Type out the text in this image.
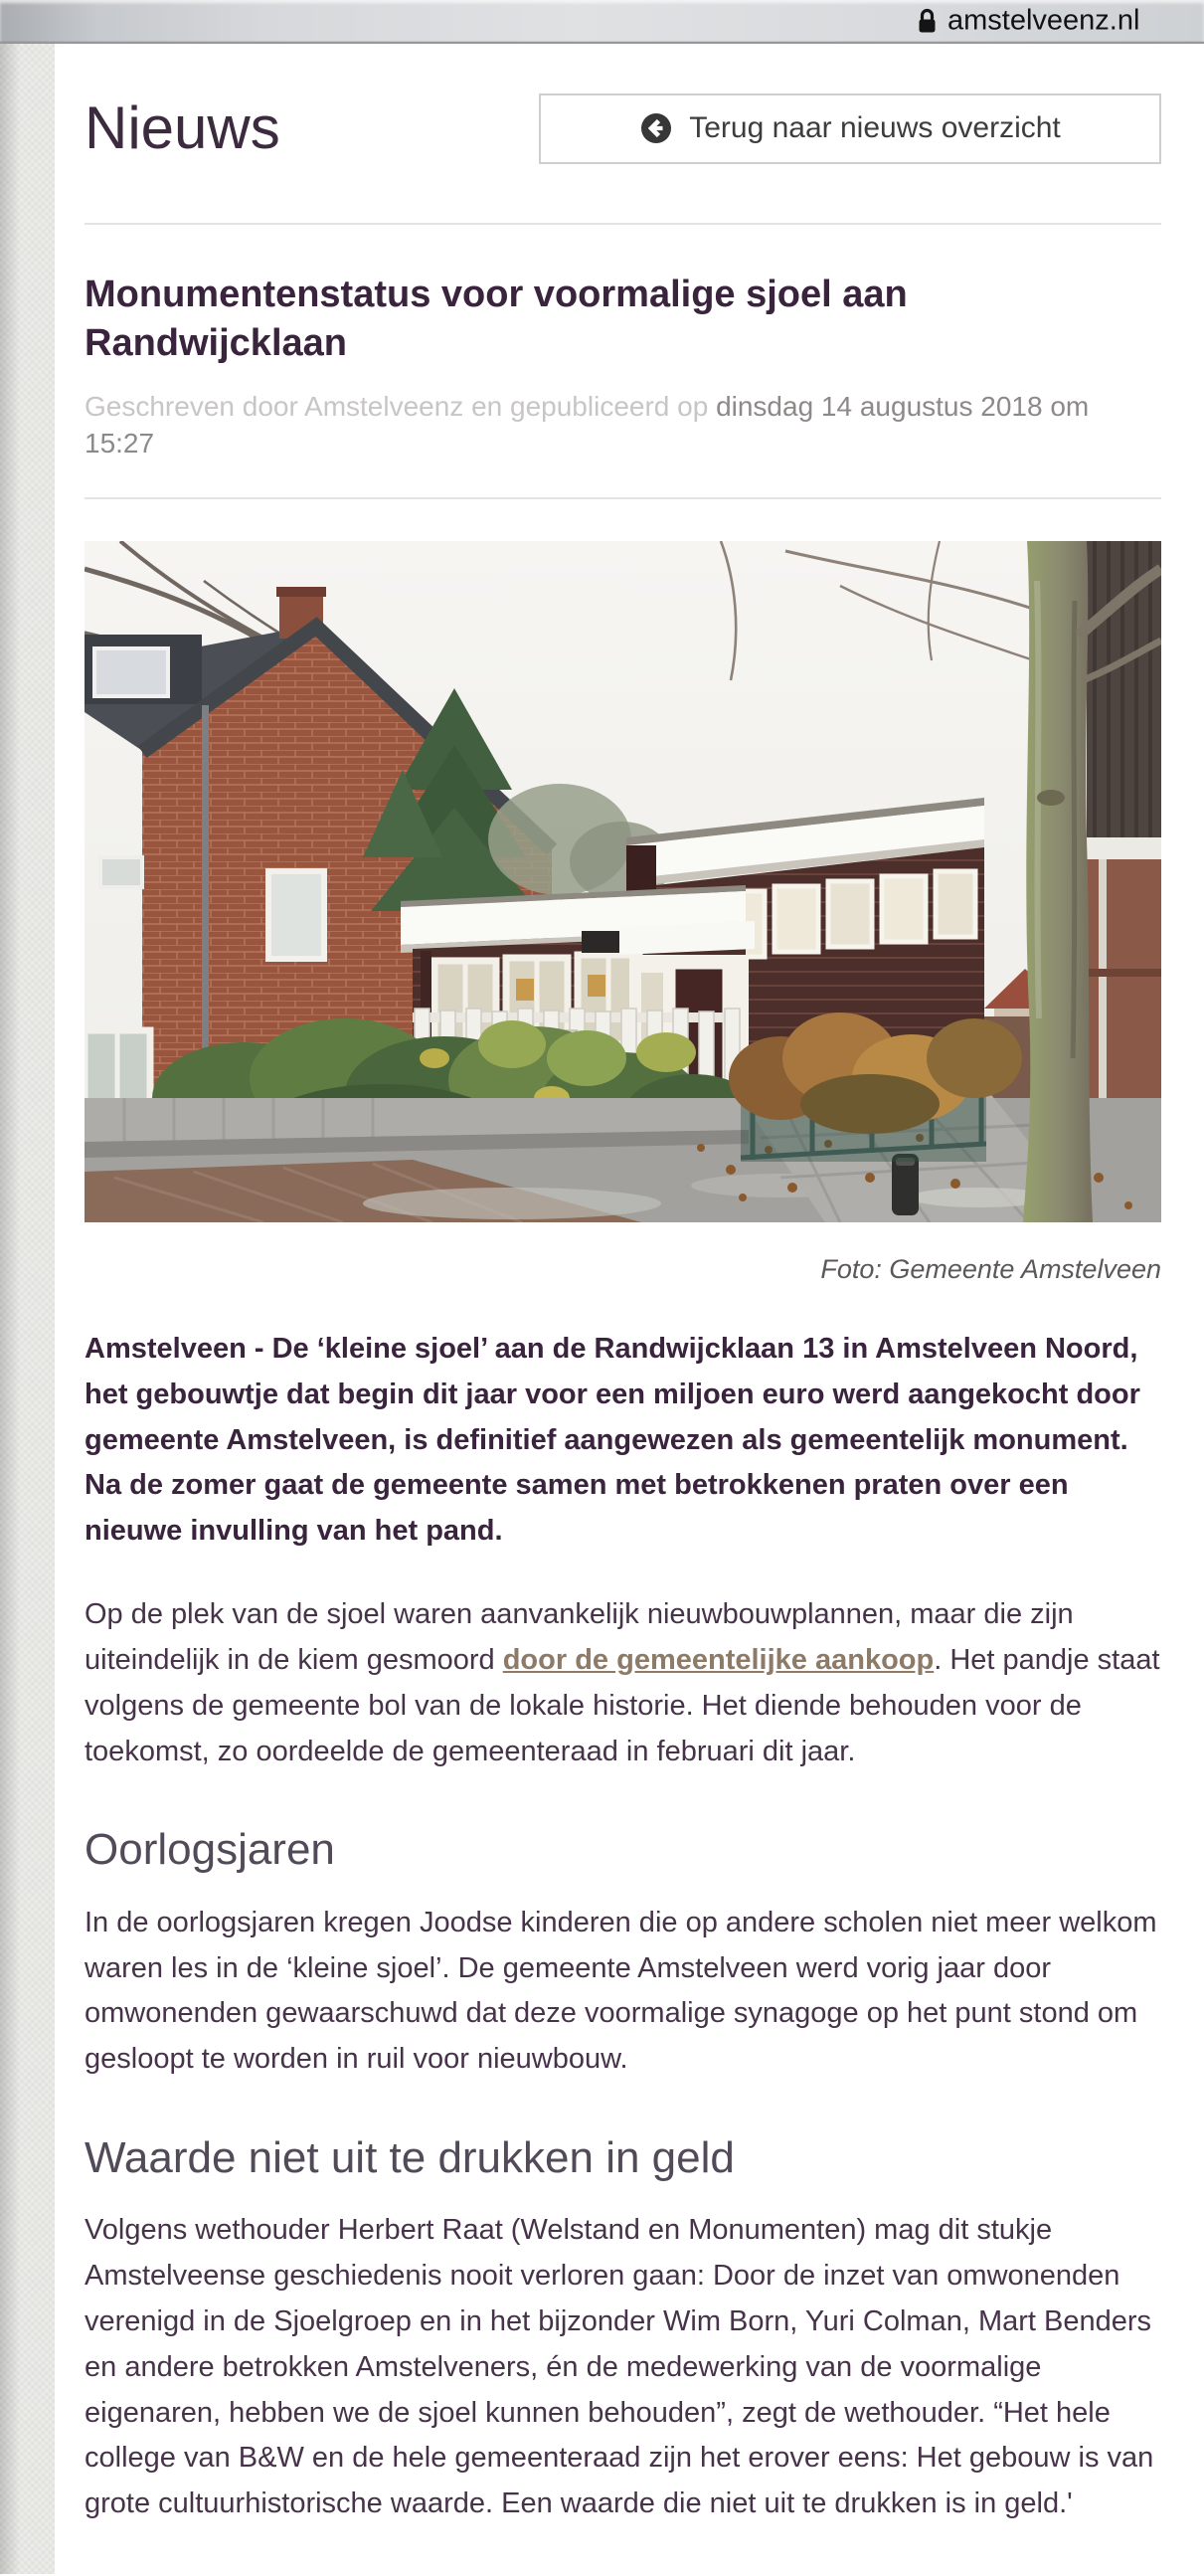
amstelveenz.nl
Nieuws	Terug naar nieuws overzicht
Monumentenstatus voor voormalige sjoel aan Randwijcklaan

Geschreven door Amstelveenz en gepubliceerd op dinsdag 14 augustus 2018 om 15:27

Foto: Gemeente Amstelveen

Amstelveen - De ‘kleine sjoel’ aan de Randwijcklaan 13 in Amstelveen Noord, het gebouwtje dat begin dit jaar voor een miljoen euro werd aangekocht door gemeente Amstelveen, is definitief aangewezen als gemeentelijk monument. Na de zomer gaat de gemeente samen met betrokkenen praten over een nieuwe invulling van het pand.

Op de plek van de sjoel waren aanvankelijk nieuwbouwplannen, maar die zijn uiteindelijk in de kiem gesmoord door de gemeentelijke aankoop. Het pandje staat volgens de gemeente bol van de lokale historie. Het diende behouden voor de toekomst, zo oordeelde de gemeenteraad in februari dit jaar.

Oorlogsjaren

In de oorlogsjaren kregen Joodse kinderen die op andere scholen niet meer welkom waren les in de ‘kleine sjoel’. De gemeente Amstelveen werd vorig jaar door omwonenden gewaarschuwd dat deze voormalige synagoge op het punt stond om gesloopt te worden in ruil voor nieuwbouw.

Waarde niet uit te drukken in geld

Volgens wethouder Herbert Raat (Welstand en Monumenten) mag dit stukje Amstelveense geschiedenis nooit verloren gaan: Door de inzet van omwonenden verenigd in de Sjoelgroep en in het bijzonder Wim Born, Yuri Colman, Mart Benders en andere betrokken Amstelveners, én de medewerking van de voormalige eigenaren, hebben we de sjoel kunnen behouden”, zegt de wethouder. “Het hele college van B&W en de hele gemeenteraad zijn het erover eens: Het gebouw is van grote cultuurhistorische waarde. Een waarde die niet uit te drukken is in geld.'
